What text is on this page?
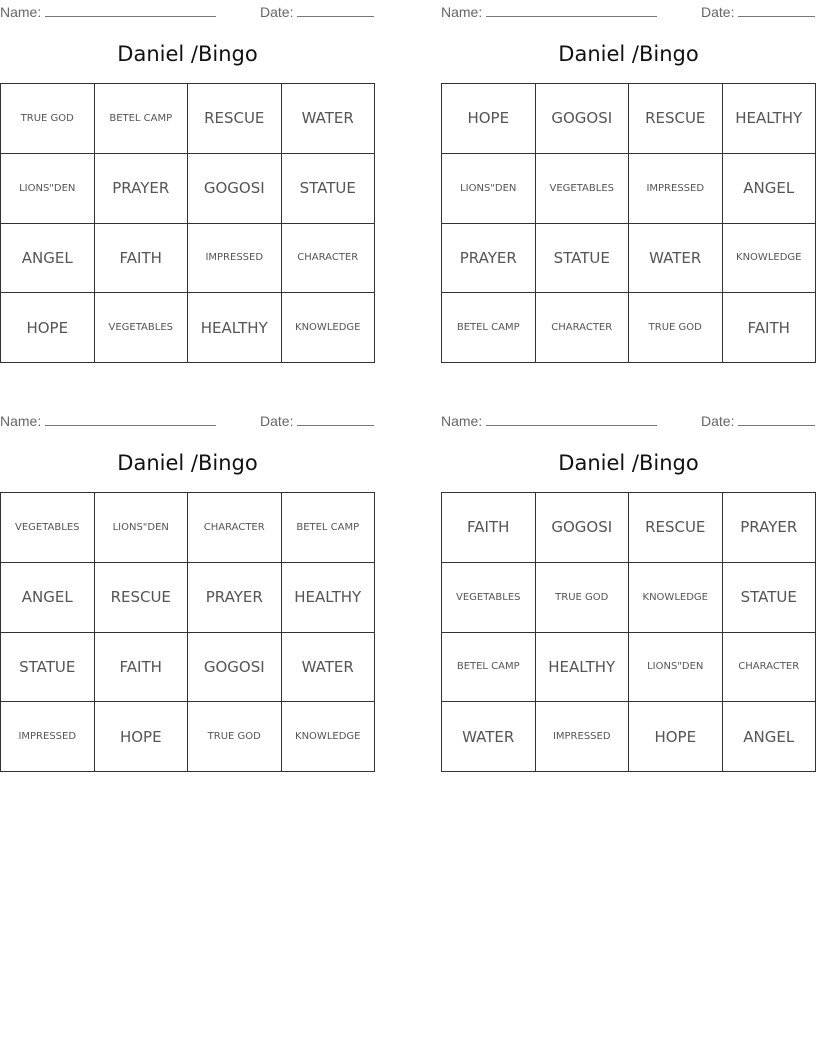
Name:	Date:
Daniel /Bingo
TRUE GOD	BETEL CAMP	RESCUE	WATER
LIONS"DEN	PRAYER	GOGOSI	STATUE
ANGEL	FAITH	IMPRESSED	CHARACTER
HOPE	VEGETABLES	HEALTHY	KNOWLEDGE
Name:	Date:
Daniel /Bingo
HOPE	GOGOSI	RESCUE	HEALTHY
LIONS"DEN	VEGETABLES	IMPRESSED	ANGEL
PRAYER	STATUE	WATER	KNOWLEDGE
BETEL CAMP	CHARACTER	TRUE GOD	FAITH
Name:	Date:
Daniel /Bingo
VEGETABLES	LIONS"DEN	CHARACTER	BETEL CAMP
ANGEL	RESCUE	PRAYER	HEALTHY
STATUE	FAITH	GOGOSI	WATER
IMPRESSED	HOPE	TRUE GOD	KNOWLEDGE
Name:	Date:
Daniel /Bingo
FAITH	GOGOSI	RESCUE	PRAYER
VEGETABLES	TRUE GOD	KNOWLEDGE	STATUE
BETEL CAMP	HEALTHY	LIONS"DEN	CHARACTER
WATER	IMPRESSED	HOPE	ANGEL
